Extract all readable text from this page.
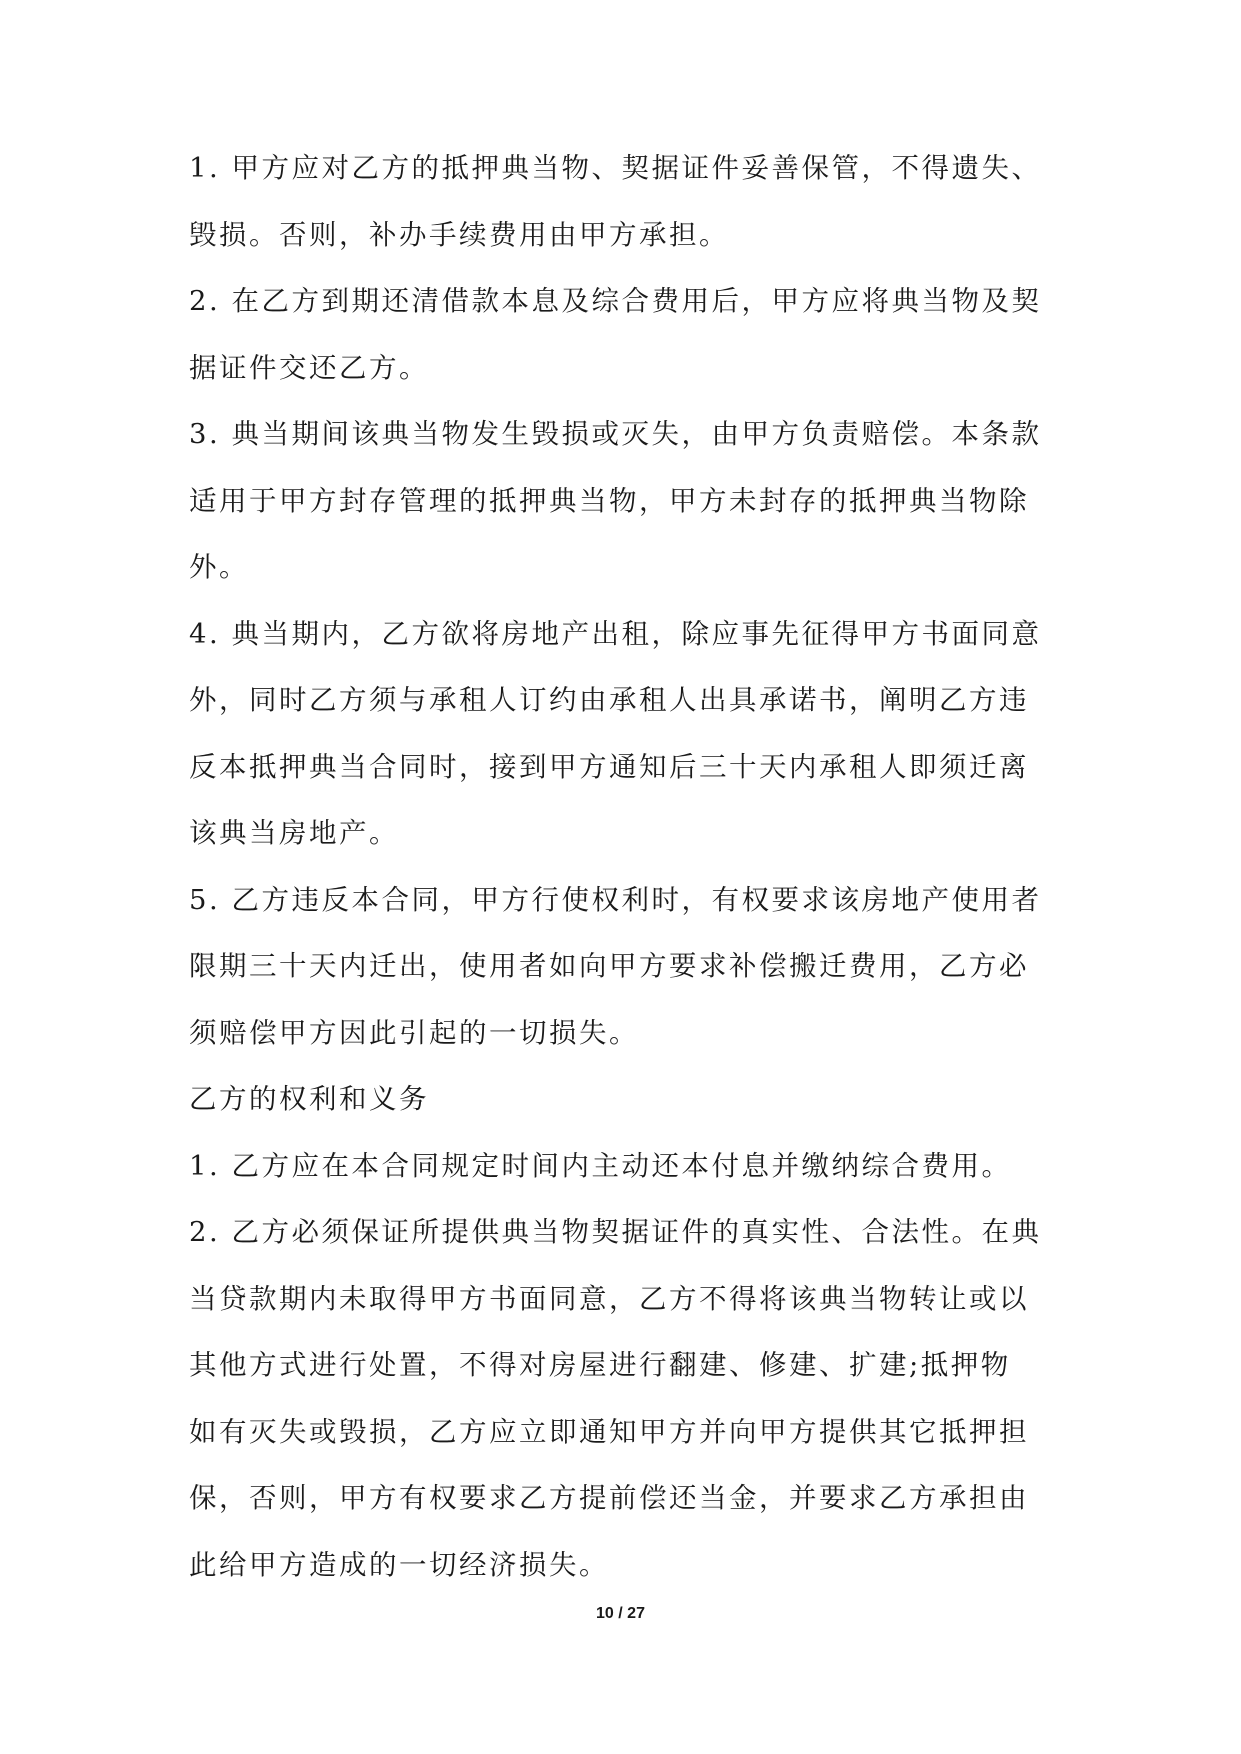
1. 甲方应对乙方的抵押典当物、契据证件妥善保管，不得遗失、
毁损。否则，补办手续费用由甲方承担。
2. 在乙方到期还清借款本息及综合费用后，甲方应将典当物及契
据证件交还乙方。
3. 典当期间该典当物发生毁损或灭失，由甲方负责赔偿。本条款
适用于甲方封存管理的抵押典当物，甲方未封存的抵押典当物除
外。
4. 典当期内，乙方欲将房地产出租，除应事先征得甲方书面同意
外，同时乙方须与承租人订约由承租人出具承诺书，阐明乙方违
反本抵押典当合同时，接到甲方通知后三十天内承租人即须迁离
该典当房地产。
5. 乙方违反本合同，甲方行使权利时，有权要求该房地产使用者
限期三十天内迁出，使用者如向甲方要求补偿搬迁费用，乙方必
须赔偿甲方因此引起的一切损失。
乙方的权利和义务
1. 乙方应在本合同规定时间内主动还本付息并缴纳综合费用。
2. 乙方必须保证所提供典当物契据证件的真实性、合法性。在典
当贷款期内未取得甲方书面同意，乙方不得将该典当物转让或以
其他方式进行处置，不得对房屋进行翻建、修建、扩建;抵押物
如有灭失或毁损，乙方应立即通知甲方并向甲方提供其它抵押担
保，否则，甲方有权要求乙方提前偿还当金，并要求乙方承担由
此给甲方造成的一切经济损失。
10 / 27
